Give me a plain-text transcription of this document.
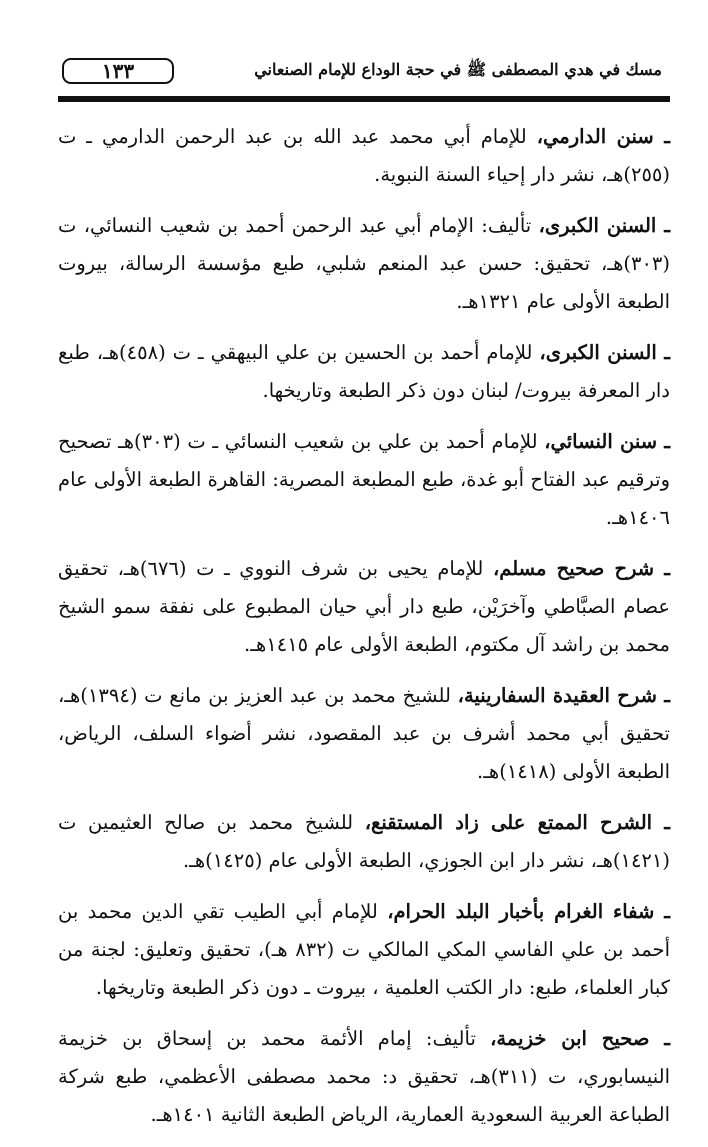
١٣٣	مسك في هدي المصطفى ﷺ في حجة الوداع للإمام الصنعاني

ـ سنن الدارمي، للإمام أبي محمد عبد الله بن عبد الرحمن الدارمي ـ ت (٢٥٥)هـ، نشر دار إحياء السنة النبوية.

ـ السنن الكبرى، تأليف: الإمام أبي عبد الرحمن أحمد بن شعيب النسائي، ت (٣٠٣)هـ، تحقيق: حسن عبد المنعم شلبي، طبع مؤسسة الرسالة، بيروت الطبعة الأولى عام ١٣٢١هـ.

ـ السنن الكبرى، للإمام أحمد بن الحسين بن علي البيهقي ـ ت (٤٥٨)هـ، طبع دار المعرفة بيروت/ لبنان دون ذكر الطبعة وتاريخها.

ـ سنن النسائي، للإمام أحمد بن علي بن شعيب النسائي ـ ت (٣٠٣)هـ تصحيح وترقيم عبد الفتاح أبو غدة، طبع المطبعة المصرية: القاهرة الطبعة الأولى عام ١٤٠٦هـ.

ـ شرح صحيح مسلم، للإمام يحيى بن شرف النووي ـ ت (٦٧٦)هـ، تحقيق عصام الصبَّاطي وآخرَيْن، طبع دار أبي حيان المطبوع على نفقة سمو الشيخ محمد بن راشد آل مكتوم، الطبعة الأولى عام ١٤١٥هـ.

ـ شرح العقيدة السفارينية، للشيخ محمد بن عبد العزيز بن مانع ت (١٣٩٤)هـ، تحقيق أبي محمد أشرف بن عبد المقصود، نشر أضواء السلف، الرياض، الطبعة الأولى (١٤١٨)هـ.

ـ الشرح الممتع على زاد المستقنع، للشيخ محمد بن صالح العثيمين ت (١٤٢١)هـ، نشر دار ابن الجوزي، الطبعة الأولى عام (١٤٢٥)هـ.

ـ شفاء الغرام بأخبار البلد الحرام، للإمام أبي الطيب تقي الدين محمد بن أحمد بن علي الفاسي المكي المالكي ت (٨٣٢ هـ)، تحقيق وتعليق: لجنة من كبار العلماء، طبع: دار الكتب العلمية ، بيروت ـ دون ذكر الطبعة وتاريخها.

ـ صحيح ابن خزيمة، تأليف: إمام الأئمة محمد بن إسحاق بن خزيمة النيسابوري، ت (٣١١)هـ، تحقيق د: محمد مصطفى الأعظمي، طبع شركة الطباعة العربية السعودية العمارية، الرياض الطبعة الثانية ١٤٠١هـ.
